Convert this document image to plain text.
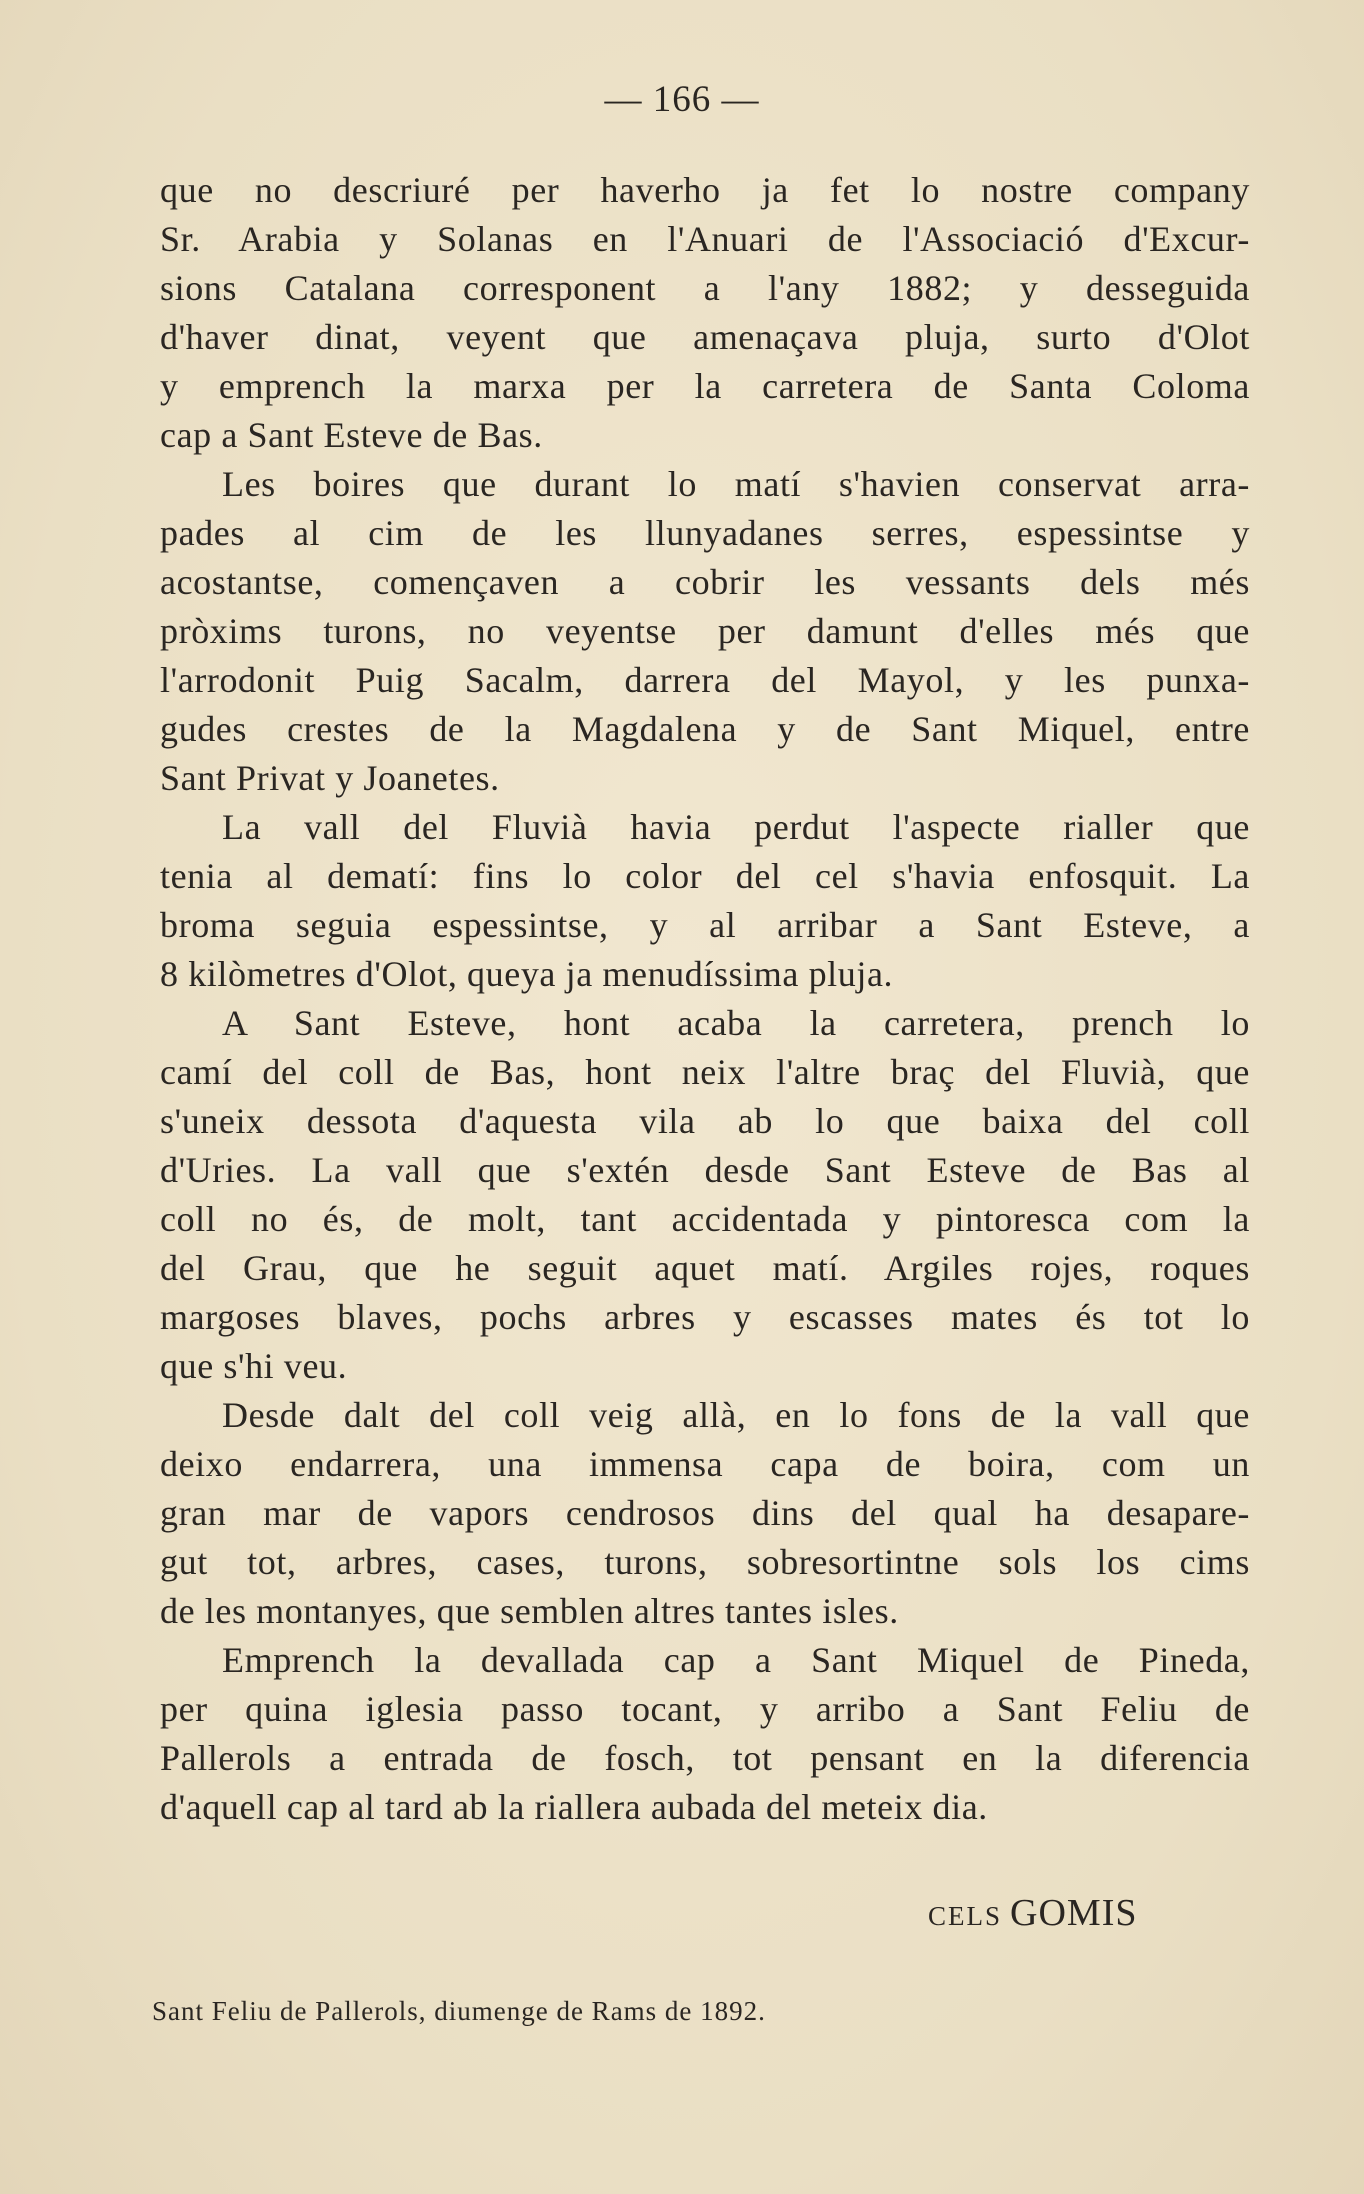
— 166 —
que no descriuré per haverho ja fet lo nostre company
Sr. Arabia y Solanas en l'Anuari de l'Associació d'Excur-
sions Catalana corresponent a l'any 1882; y desseguida
d'haver dinat, veyent que amenaçava pluja, surto d'Olot
y emprench la marxa per la carretera de Santa Coloma
cap a Sant Esteve de Bas.
Les boires que durant lo matí s'havien conservat arra-
pades al cim de les llunyadanes serres, espessintse y
acostantse, començaven a cobrir les vessants dels més
pròxims turons, no veyentse per damunt d'elles més que
l'arrodonit Puig Sacalm, darrera del Mayol, y les punxa-
gudes crestes de la Magdalena y de Sant Miquel, entre
Sant Privat y Joanetes.
La vall del Fluvià havia perdut l'aspecte rialler que
tenia al dematí: fins lo color del cel s'havia enfosquit. La
broma seguia espessintse, y al arribar a Sant Esteve, a
8 kilòmetres d'Olot, queya ja menudíssima pluja.
A Sant Esteve, hont acaba la carretera, prench lo
camí del coll de Bas, hont neix l'altre braç del Fluvià, que
s'uneix dessota d'aquesta vila ab lo que baixa del coll
d'Uries. La vall que s'extén desde Sant Esteve de Bas al
coll no és, de molt, tant accidentada y pintoresca com la
del Grau, que he seguit aquet matí. Argiles rojes, roques
margoses blaves, pochs arbres y escasses mates és tot lo
que s'hi veu.
Desde dalt del coll veig allà, en lo fons de la vall que
deixo endarrera, una immensa capa de boira, com un
gran mar de vapors cendrosos dins del qual ha desapare-
gut tot, arbres, cases, turons, sobresortintne sols los cims
de les montanyes, que semblen altres tantes isles.
Emprench la devallada cap a Sant Miquel de Pineda,
per quina iglesia passo tocant, y arribo a Sant Feliu de
Pallerols a entrada de fosch, tot pensant en la diferencia
d'aquell cap al tard ab la riallera aubada del meteix dia.
CELS GOMIS
Sant Feliu de Pallerols, diumenge de Rams de 1892.
